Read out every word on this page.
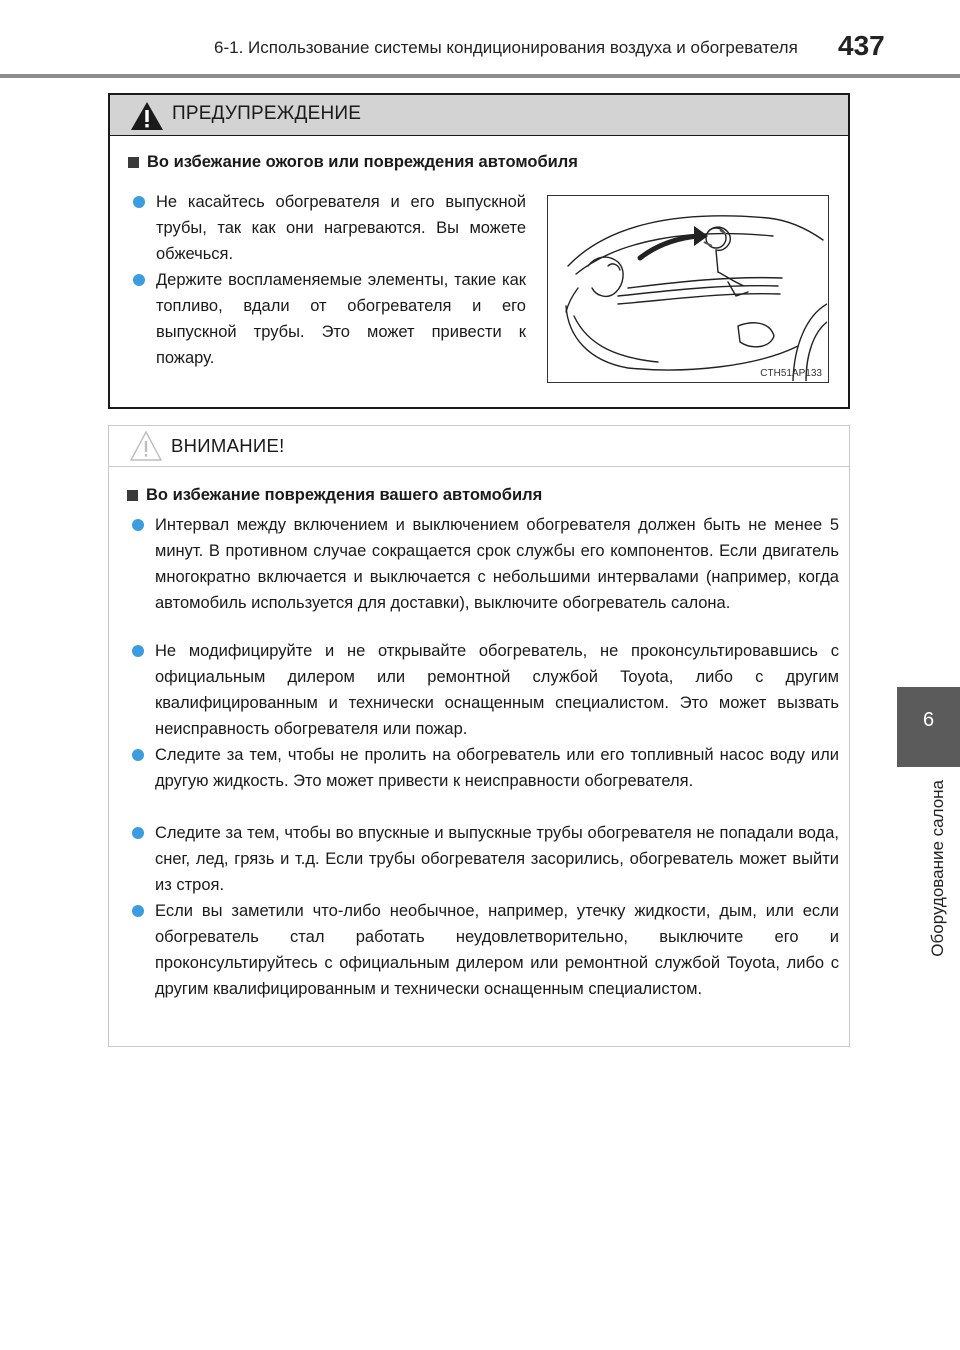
6-1. Использование системы кондиционирования воздуха и обогревателя 437
6
Оборудование салона
ПРЕДУПРЕЖДЕНИЕ
Во избежание ожогов или повреждения автомобиля
Не касайтесь обогревателя и его выпускной трубы, так как они нагреваются. Вы можете обжечься.
Держите воспламеняемые элементы, такие как топливо, вдали от обогревателя и его выпускной трубы. Это может привести к пожару.
CTH51AP133
ВНИМАНИЕ!
Во избежание повреждения вашего автомобиля
Интервал между включением и выключением обогревателя должен быть не менее 5 минут. В противном случае сокращается срок службы его компонентов. Если двигатель многократно включается и выключается с небольшими интервалами (например, когда автомобиль используется для доставки), выключите обогреватель салона.
Не модифицируйте и не открывайте обогреватель, не проконсультировавшись с официальным дилером или ремонтной службой Toyota, либо с другим квалифицированным и технически оснащенным специалистом. Это может вызвать неисправность обогревателя или пожар.
Следите за тем, чтобы не пролить на обогреватель или его топливный насос воду или другую жидкость. Это может привести к неисправности обогревателя.
Следите за тем, чтобы во впускные и выпускные трубы обогревателя не попадали вода, снег, лед, грязь и т.д. Если трубы обогревателя засорились, обогреватель может выйти из строя.
Если вы заметили что-либо необычное, например, утечку жидкости, дым, или если обогреватель стал работать неудовлетворительно, выключите его и проконсультируйтесь с официальным дилером или ремонтной службой Toyota, либо с другим квалифицированным и технически оснащенным специалистом.
